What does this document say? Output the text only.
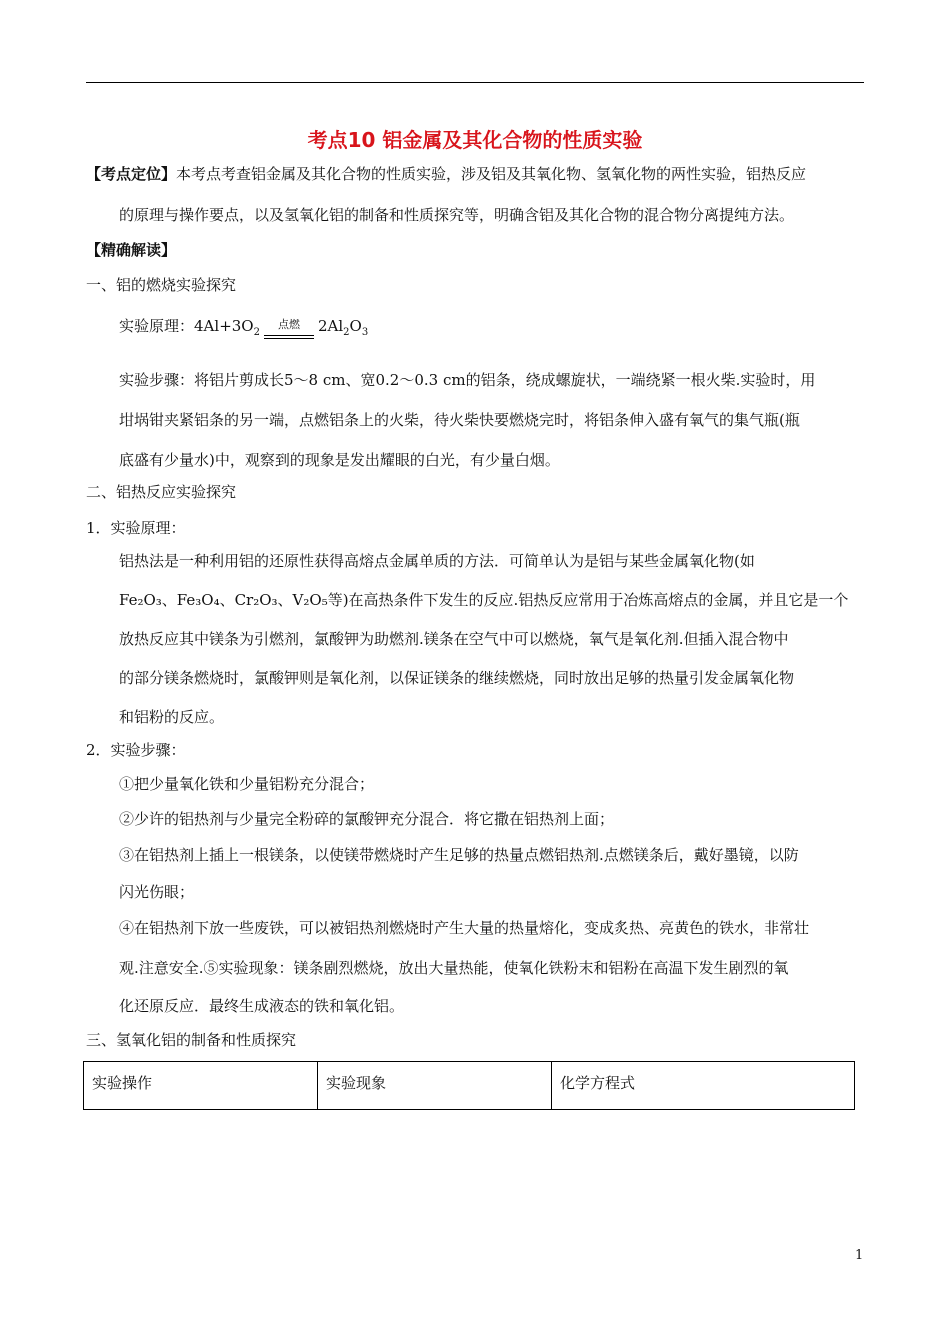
考点10 铝金属及其化合物的性质实验
【考点定位】本考点考查铝金属及其化合物的性质实验，涉及铝及其氧化物、氢氧化物的两性实验，铝热反应
的原理与操作要点，以及氢氧化铝的制备和性质探究等，明确含铝及其化合物的混合物分离提纯方法。
【精确解读】
一、铝的燃烧实验探究
实验原理：$4Al+3O_2^{点燃}$ $2Al_2O_3$
实验步骤：将铝片剪成长5～8 cm、宽0.2～0.3 cm的铝条，绕成螺旋状，一端绕紧一根火柴.实验时，用
坩埚钳夹紧铝条的另一端，点燃铝条上的火柴，待火柴快要燃烧完时，将铝条伸入盛有氧气的集气瓶(瓶
底盛有少量水)中，观察到的现象是发出耀眼的白光，有少量白烟。
二、铝热反应实验探究
1．实验原理：
铝热法是一种利用铝的还原性获得高熔点金属单质的方法．可简单认为是铝与某些金属氧化物(如
Fe₂O₃、Fe₃O₄、Cr₂O₃、V₂O₅等)在高热条件下发生的反应.铝热反应常用于冶炼高熔点的金属，并且它是一个
放热反应其中镁条为引燃剂，氯酸钾为助燃剂.镁条在空气中可以燃烧，氧气是氧化剂.但插入混合物中
的部分镁条燃烧时，氯酸钾则是氧化剂，以保证镁条的继续燃烧，同时放出足够的热量引发金属氧化物
和铝粉的反应。
2．实验步骤：
①把少量氧化铁和少量铝粉充分混合；
②少许的铝热剂与少量完全粉碎的氯酸钾充分混合．将它撒在铝热剂上面；
③在铝热剂上插上一根镁条，以使镁带燃烧时产生足够的热量点燃铝热剂.点燃镁条后，戴好墨镜，以防
闪光伤眼；
④在铝热剂下放一些废铁，可以被铝热剂燃烧时产生大量的热量熔化，变成炙热、亮黄色的铁水，非常壮
观.注意安全.⑤实验现象：镁条剧烈燃烧，放出大量热能，使氧化铁粉末和铝粉在高温下发生剧烈的氧
化还原反应．最终生成液态的铁和氧化铝。
三、氢氧化铝的制备和性质探究
实验操作	实验现象	化学方程式
1
